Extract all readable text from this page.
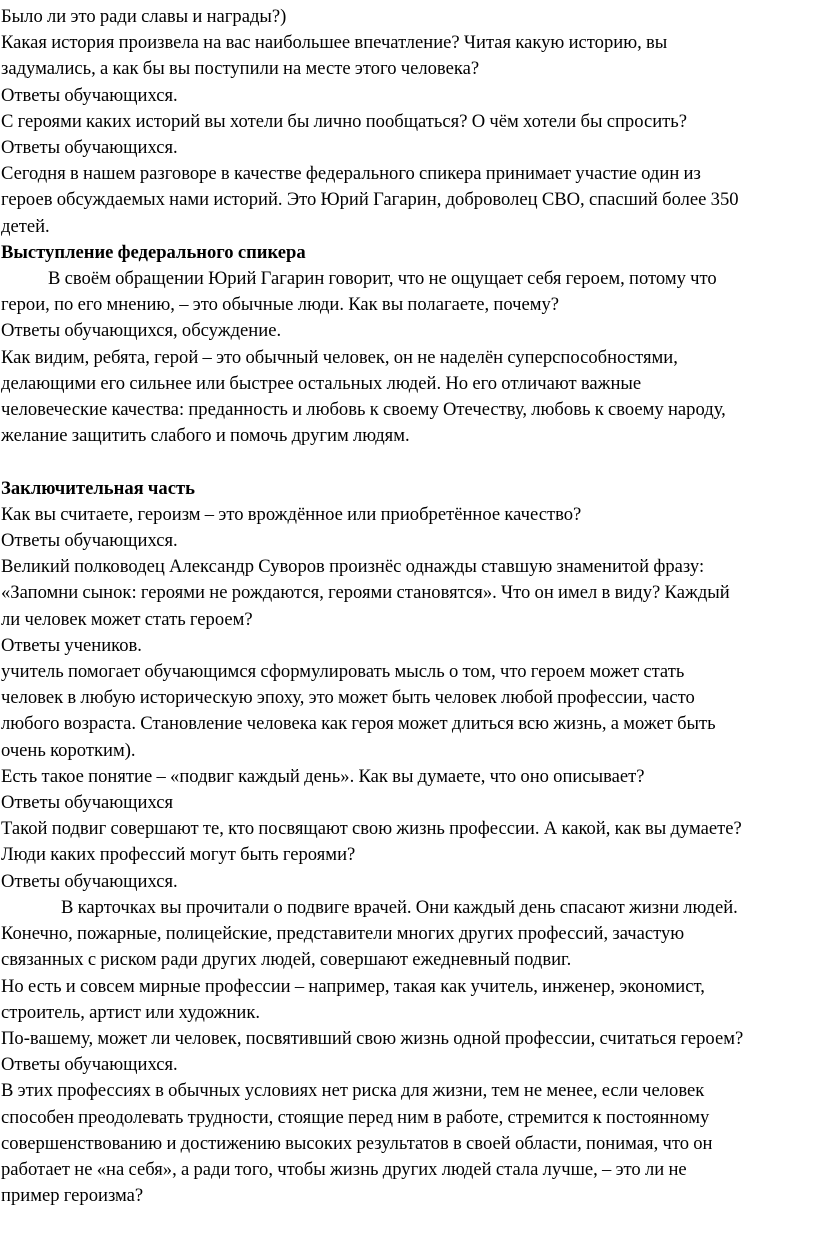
Было ли это ради славы и награды?)

Какая история произвела на вас наибольшее впечатление? Читая какую историю, вы

задумались, а как бы вы поступили на месте этого человека?

Ответы обучающихся.

С героями каких историй вы хотели бы лично пообщаться? О чём хотели бы спросить?

Ответы обучающихся.

Сегодня в нашем разговоре в качестве федерального спикера принимает участие один из

героев обсуждаемых нами историй. Это Юрий Гагарин, доброволец СВО, спасший более 350

детей.

Выступление федерального спикера

В своём обращении Юрий Гагарин говорит, что не ощущает себя героем, потому что

герои, по его мнению, – это обычные люди. Как вы полагаете, почему?

Ответы обучающихся, обсуждение.

Как видим, ребята, герой – это обычный человек, он не наделён суперспособностями,

делающими его сильнее или быстрее остальных людей. Но его отличают важные

человеческие качества: преданность и любовь к своему Отечеству, любовь к своему народу,

желание защитить слабого и помочь другим людям.

Заключительная часть

Как вы считаете, героизм – это врождённое или приобретённое качество?

Ответы обучающихся.

Великий полководец Александр Суворов произнёс однажды ставшую знаменитой фразу:

«Запомни сынок: героями не рождаются, героями становятся». Что он имел в виду? Каждый

ли человек может стать героем?

Ответы учеников.

учитель помогает обучающимся сформулировать мысль о том, что героем может стать

человек в любую историческую эпоху, это может быть человек любой профессии, часто

любого возраста. Становление человека как героя может длиться всю жизнь, а может быть

очень коротким).

Есть такое понятие – «подвиг каждый день». Как вы думаете, что оно описывает?

Ответы обучающихся

Такой подвиг совершают те, кто посвящают свою жизнь профессии. А какой, как вы думаете?

Люди каких профессий могут быть героями?

Ответы обучающихся.

В карточках вы прочитали о подвиге врачей. Они каждый день спасают жизни людей.

Конечно, пожарные, полицейские, представители многих других профессий, зачастую

связанных с риском ради других людей, совершают ежедневный подвиг.

Но есть и совсем мирные профессии – например, такая как учитель, инженер, экономист,

строитель, артист или художник.

По-вашему, может ли человек, посвятивший свою жизнь одной профессии, считаться героем?

Ответы обучающихся.

В этих профессиях в обычных условиях нет риска для жизни, тем не менее, если человек

способен преодолевать трудности, стоящие перед ним в работе, стремится к постоянному

совершенствованию и достижению высоких результатов в своей области, понимая, что он

работает не «на себя», а ради того, чтобы жизнь других людей стала лучше, – это ли не

пример героизма?
